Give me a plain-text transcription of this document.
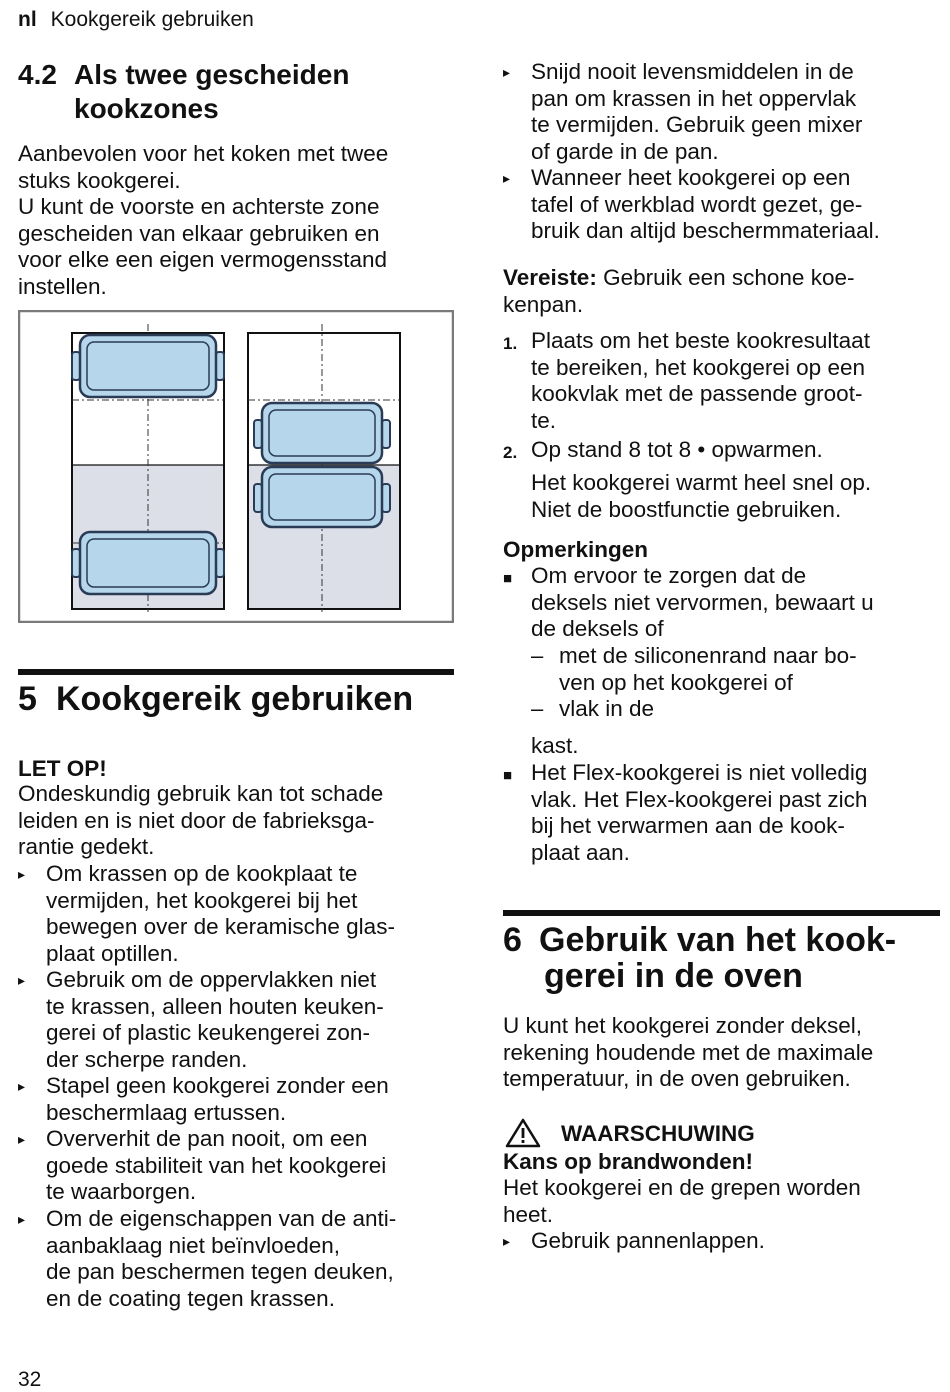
nl Kookgereik gebruiken
4.2 Als twee gescheiden
kookzones
Aanbevolen voor het koken met twee
stuks kookgerei.
U kunt de voorste en achterste zone
gescheiden van elkaar gebruiken en
voor elke een eigen vermogensstand
instellen.
5 Kookgereik gebruiken
LET OP!
Ondeskundig gebruik kan tot schade
leiden en is niet door de fabrieksga-
rantie gedekt.
▸ Om krassen op de kookplaat te
vermijden, het kookgerei bij het
bewegen over de keramische glas-
plaat optillen.
▸ Gebruik om de oppervlakken niet
te krassen, alleen houten keuken-
gerei of plastic keukengerei zon-
der scherpe randen.
▸ Stapel geen kookgerei zonder een
beschermlaag ertussen.
▸ Oververhit de pan nooit, om een
goede stabiliteit van het kookgerei
te waarborgen.
▸ Om de eigenschappen van de anti-
aanbaklaag niet beïnvloeden,
de pan beschermen tegen deuken,
en de coating tegen krassen.
▸ Snijd nooit levensmiddelen in de
pan om krassen in het oppervlak
te vermijden. Gebruik geen mixer
of garde in de pan.
▸ Wanneer heet kookgerei op een
tafel of werkblad wordt gezet, ge-
bruik dan altijd beschermmateriaal.
Vereiste: Gebruik een schone koe-
kenpan.
1. Plaats om het beste kookresultaat
te bereiken, het kookgerei op een
kookvlak met de passende groot-
te.
2. Op stand 8 tot 8 • opwarmen.
Het kookgerei warmt heel snel op.
Niet de boostfunctie gebruiken.
Opmerkingen
■ Om ervoor te zorgen dat de
deksels niet vervormen, bewaart u
de deksels of
– met de siliconenrand naar bo-
ven op het kookgerei of
– vlak in de
kast.
■ Het Flex-kookgerei is niet volledig
vlak. Het Flex-kookgerei past zich
bij het verwarmen aan de kook-
plaat aan.
6 Gebruik van het kook-
gerei in de oven
U kunt het kookgerei zonder deksel,
rekening houdende met de maximale
temperatuur, in de oven gebruiken.
WAARSCHUWING
Kans op brandwonden!
Het kookgerei en de grepen worden
heet.
▸ Gebruik pannenlappen.
32
